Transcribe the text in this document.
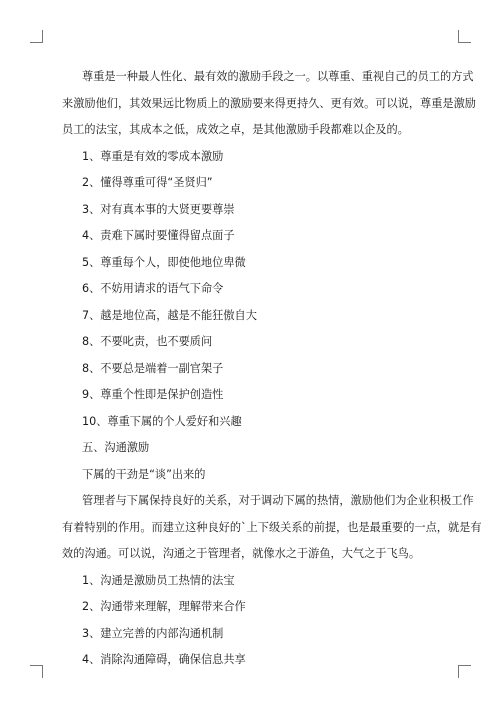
尊重是一种最人性化、最有效的激励手段之一。以尊重、重视自己的员工的方式

来激励他们，其效果远比物质上的激励要来得更持久、更有效。可以说，尊重是激励

员工的法宝，其成本之低，成效之卓，是其他激励手段都难以企及的。

1、尊重是有效的零成本激励

2、懂得尊重可得“圣贤归”

3、对有真本事的大贤更要尊崇

4、责难下属时要懂得留点面子

5、尊重每个人，即使他地位卑微

6、不妨用请求的语气下命令

7、越是地位高，越是不能狂傲自大

8、不要叱责，也不要质问

8、不要总是端着一副官架子

9、尊重个性即是保护创造性

10、尊重下属的个人爱好和兴趣

五、沟通激励

下属的干劲是“谈”出来的

管理者与下属保持良好的关系，对于调动下属的热情，激励他们为企业积极工作

有着特别的作用。而建立这种良好的`上下级关系的前提，也是最重要的一点，就是有

效的沟通。可以说，沟通之于管理者，就像水之于游鱼，大气之于飞鸟。

1、沟通是激励员工热情的法宝

2、沟通带来理解，理解带来合作

3、建立完善的内部沟通机制

4、消除沟通障碍，确保信息共享
